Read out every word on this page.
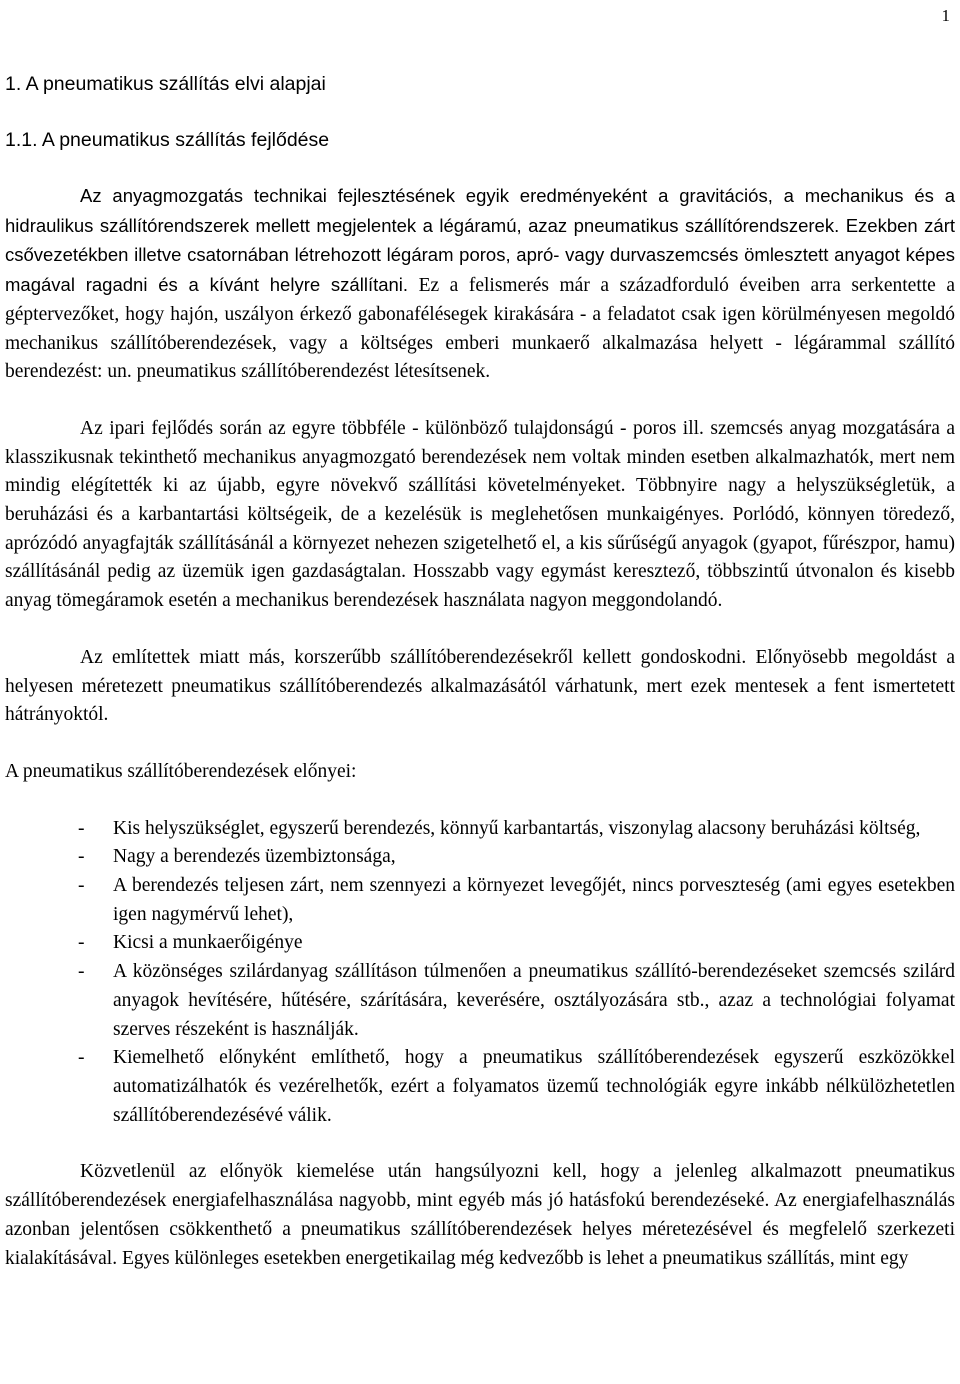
1

1. A pneumatikus szállítás elvi alapjai

1.1. A pneumatikus szállítás fejlődése

Az anyagmozgatás technikai fejlesztésének egyik eredményeként a gravitációs, a mechanikus és a hidraulikus szállítórendszerek mellett megjelentek a légáramú, azaz pneumatikus szállítórendszerek. Ezekben zárt csővezetékben illetve csatornában létrehozott légáram poros, apró- vagy durvaszemcsés ömlesztett anyagot képes magával ragadni és a kívánt helyre szállítani. Ez a felismerés már a századforduló éveiben arra serkentette a géptervezőket, hogy hajón, uszályon érkező gabonafélésegek kirakására - a feladatot csak igen körülményesen megoldó mechanikus szállítóberendezések, vagy a költséges emberi munkaerő alkalmazása helyett - légárammal szállító berendezést: un. pneumatikus szállítóberendezést létesítsenek.

Az ipari fejlődés során az egyre többféle - különböző tulajdonságú - poros ill. szemcsés anyag mozgatására a klasszikusnak tekinthető mechanikus anyagmozgató berendezések nem voltak minden esetben alkalmazhatók, mert nem mindig elégítették ki az újabb, egyre növekvő szállítási követelményeket. Többnyire nagy a helyszükségletük, a beruházási és a karbantartási költségeik, de a kezelésük is meglehetősen munkaigényes. Porlódó, könnyen töredező, aprózódó anyagfajták szállításánál a környezet nehezen szigetelhető el, a kis sűrűségű anyagok (gyapot, fűrészpor, hamu) szállításánál pedig az üzemük igen gazdaságtalan. Hosszabb vagy egymást keresztező, többszintű útvonalon és kisebb anyag tömegáramok esetén a mechanikus berendezések használata nagyon meggondolandó.

Az említettek miatt más, korszerűbb szállítóberendezésekről kellett gondoskodni. Előnyösebb megoldást a helyesen méretezett pneumatikus szállítóberendezés alkalmazásától várhatunk, mert ezek mentesek a fent ismertetett hátrányoktól.

A pneumatikus szállítóberendezések előnyei:

- Kis helyszükséglet, egyszerű berendezés, könnyű karbantartás, viszonylag alacsony beruházási költség,
- Nagy a berendezés üzembiztonsága,
- A berendezés teljesen zárt, nem szennyezi a környezet levegőjét, nincs porveszteség (ami egyes esetekben igen nagymérvű lehet),
- Kicsi a munkaerőigénye
- A közönséges szilárdanyag szállításon túlmenően a pneumatikus szállító-berendezéseket szemcsés szilárd anyagok hevítésére, hűtésére, szárítására, keverésére, osztályozására stb., azaz a technológiai folyamat szerves részeként is használják.
- Kiemelhető előnyként említhető, hogy a pneumatikus szállítóberendezések egyszerű eszközökkel automatizálhatók és vezérelhetők, ezért a folyamatos üzemű technológiák egyre inkább nélkülözhetetlen szállítóberendezésévé válik.

Közvetlenül az előnyök kiemelése után hangsúlyozni kell, hogy a jelenleg alkalmazott pneumatikus szállítóberendezések energiafelhasználása nagyobb, mint egyéb más jó hatásfokú berendezéseké. Az energiafelhasználás azonban jelentősen csökkenthető a pneumatikus szállítóberendezések helyes méretezésével és megfelelő szerkezeti kialakításával. Egyes különleges esetekben energetikailag még kedvezőbb is lehet a pneumatikus szállítás, mint egy
